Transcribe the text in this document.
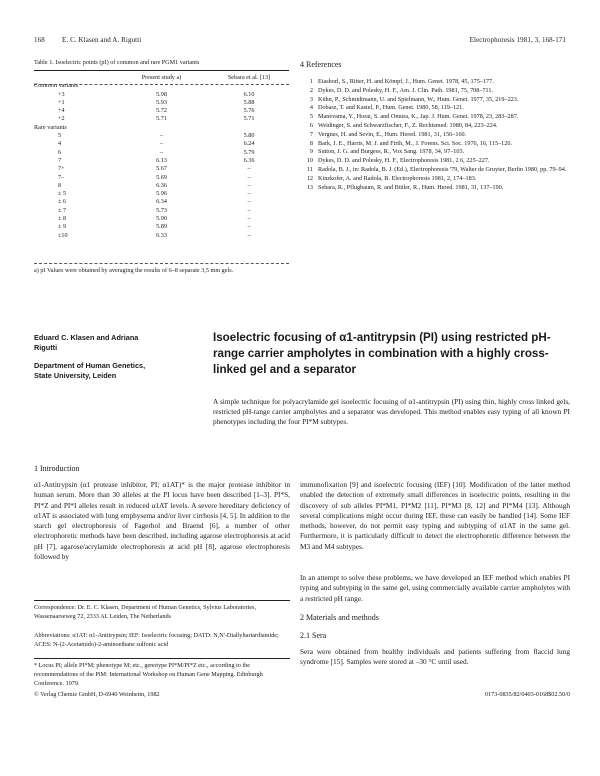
168 E. C. Klasen and A. Rigutti	Electrophoresis 1981, 3, 168-171
Table 1. Isoelectric points (pI) of common and rare PGM1 variants
	Present study a)	Sebara et al. [13]
Common variants		
+3	5.98	6.10
+1	5.93	5.88
+4	5.72	5.76
+2	5.71	5.71
Rare variants		
5	–	5.80
4	–	6.24
6	–	5.79
7	6.13	6.36
7+	5.67	–
7–	5.69	–
8	6.36	–
± 5	5.96	–
± 6	6.34	–
± 7	5.73	–
± 8	5.90	–
± 9	5.89	–
±10	6.33	–
a) pI Values were obtained by averaging the results of 6–8 separate 3,5 mm gels.
4 References
1 Eiashorl, S., Ritter, H. and Kömpf, J., Hum. Genet. 1978, 45, 175–177.
2 Dykes, D. D. and Polesky, H. F., Am. J. Clin. Path. 1981, 75, 708–711.
3 Kühn, P., Schmidtmann, U. and Spielmann, W., Hum. Genet. 1977, 35, 219–223.
4 Dobasz, T. and Kastel, P., Hum. Genet. 1980, 58, 119–121.
5 Manevama, Y., Horai, S. and Omura, K., Jap. J. Hum. Genet. 1978, 23, 283–287.
6 Weidinger, S. and Schwarzfischer, F., Z. Rechtsmed. 1980, 84, 223–224.
7 Vergnes, H. and Sevin, E., Hum. Hered. 1981, 31, 156–160.
8 Bark, J. E., Harris, M. J. and Firth, M., J. Forens. Sci. Soc. 1976, 16, 115–120.
9 Sutton, J. G. and Burgess, R., Vox Sang. 1978, 34, 97–103.
10 Dykes, D. D. and Polesky, H. F., Electrophoresis 1981, 2 6, 225–227.
11 Radola, B. J., in: Radola, B. J. (Ed.), Electrophoresis '79, Walter de Gruyter, Berlin 1980, pp. 79–94.
12 Kinzkofer, A. and Radola, B. Electrophoresis 1981, 2, 174–183.
13 Sebara, R., Pflugbaum, R. and Bütler, R., Hum. Hered. 1981, 31, 137–190.
Eduard C. Klasen and Adriana Rigutti
Department of Human Genetics, State University, Leiden
Isoelectric focusing of α1-antitrypsin (PI) using restricted pH-range carrier ampholytes in combination with a highly cross-linked gel and a separator
A simple technique for polyacrylamide gel isoelectric focusing of α1-antitrypsin (PI) using thin, highly cross linked gels, restricted pH-range carrier ampholytes and a separator was developed. This method enables easy typing of all known PI phenotypes including the four PI*M subtypes.
1 Introduction
α1-Antitrypsin (α1 protease inhibitor, PI; α1AT)* is the major protease inhibitor in human serum. More than 30 alleles at the PI locus have been described [1–3]. PI*S, PI*Z and PI*I alleles result in reduced α1AT levels. A severe hereditary deficiency of α1AT is associated with lung emphysema and/or liver cirrhosis [4, 5]. In addition to the starch gel electrophoresis of Fagerhol and Braend [6], a number of other electrophoretic methods have been described, including agarose electrophoresis at acid pH [7], agarose/acrylamide electrophoresis at acid pH [8], agarose electrophoresis followed by
Correspondence: Dr. E. C. Klasen, Department of Human Genetics, Sylvius Laboratories, Wassenaarseweg 72, 2333 AL Leiden, The Netherlands
Abbreviations: α1AT: α1-Antitrypsin; IEF: Isoelectric focusing; DATD: N,N'-Diallyltartardiamide; ACES: N-(2-Acetamido)-2-aminoethane sulfonic acid
* Locus PI; allele PI*M; phenotype M; etc., genotype PI*M/PI*Z etc., according to the recommendations of the PiM: International Workshop on Human Gene Mapping. Edinburgh Conference. 1979.
© Verlag Chemie GmbH, D-6940 Weinheim, 1982	0173-0835/82/0403-0168$02.50/0
immunofixation [9] and isoelectric focusing (IEF) [10]. Modification of the latter method enabled the detection of extremely small differences in isoelectric points, resulting in the discovery of sub alleles PI*M1, PI*M2 [11], PI*M3 [8, 12] and PI*M4 [13]. Although several complications might occur during IEF, these can easily be handled [14]. Some IEF methods, however, do not permit easy typing and subtyping of α1AT in the same gel. Furthermore, it is particularly difficult to detect the electrophoretic difference between the M3 and M4 subtypes.
In an attempt to solve these problems, we have developed an IEF method which enables PI typing and subtyping in the same gel, using commercially available carrier ampholytes with a restricted pH range.
2 Materials and methods
2.1 Sera
Sera were obtained from healthy individuals and patients suffering from flaccid lung syndrome [15]. Samples were stored at –30 °C until used.
